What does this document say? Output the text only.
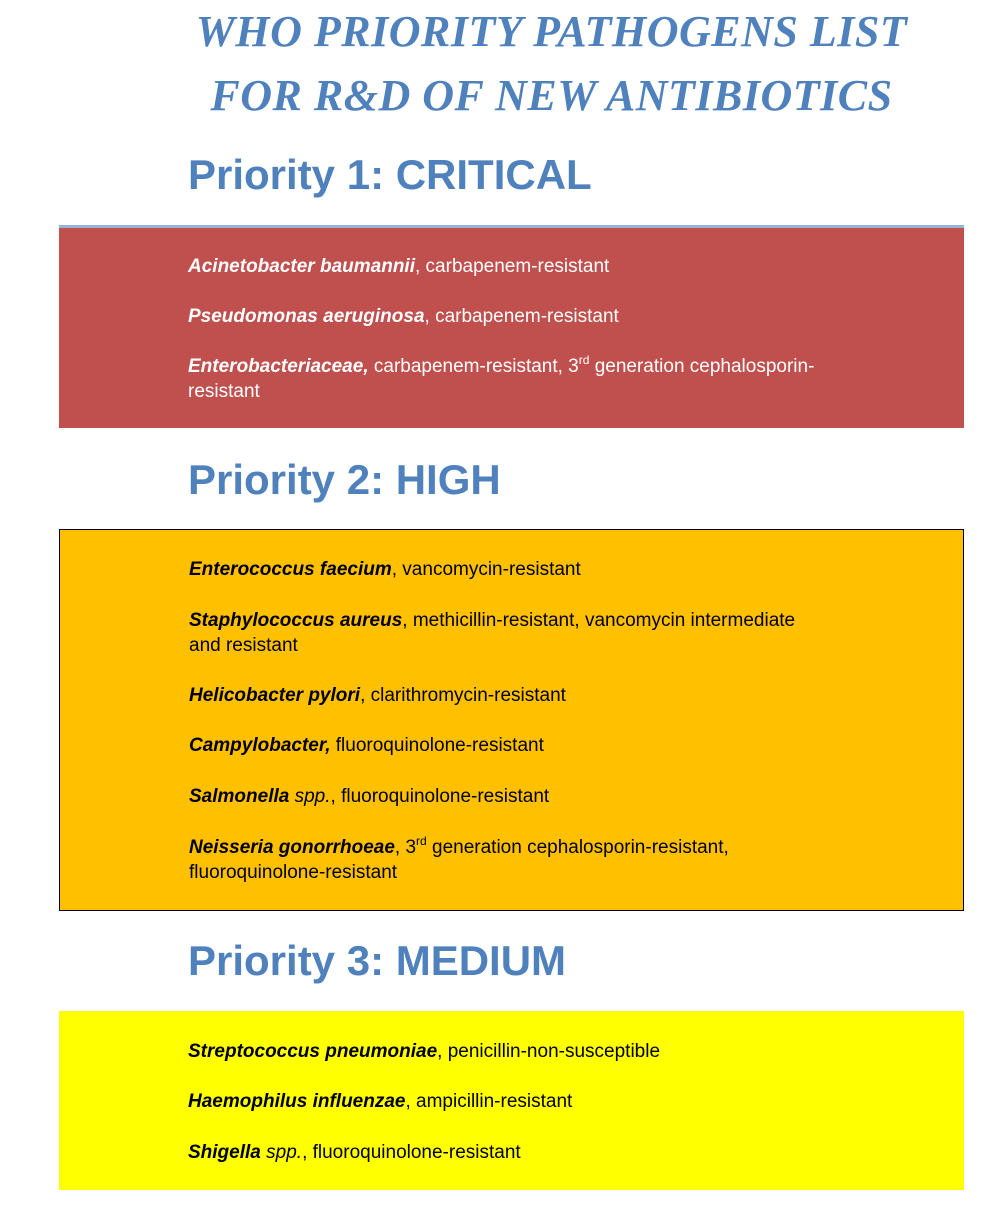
WHO PRIORITY PATHOGENS LIST
FOR R&D OF NEW ANTIBIOTICS
Priority 1: CRITICAL
Acinetobacter baumannii, carbapenem-resistant
Pseudomonas aeruginosa, carbapenem-resistant
Enterobacteriaceae, carbapenem-resistant, 3rd generation cephalosporin-resistant
Priority 2: HIGH
Enterococcus faecium, vancomycin-resistant
Staphylococcus aureus, methicillin-resistant, vancomycin intermediate and resistant
Helicobacter pylori, clarithromycin-resistant
Campylobacter, fluoroquinolone-resistant
Salmonella spp., fluoroquinolone-resistant
Neisseria gonorrhoeae, 3rd generation cephalosporin-resistant, fluoroquinolone-resistant
Priority 3: MEDIUM
Streptococcus pneumoniae, penicillin-non-susceptible
Haemophilus influenzae, ampicillin-resistant
Shigella spp., fluoroquinolone-resistant
